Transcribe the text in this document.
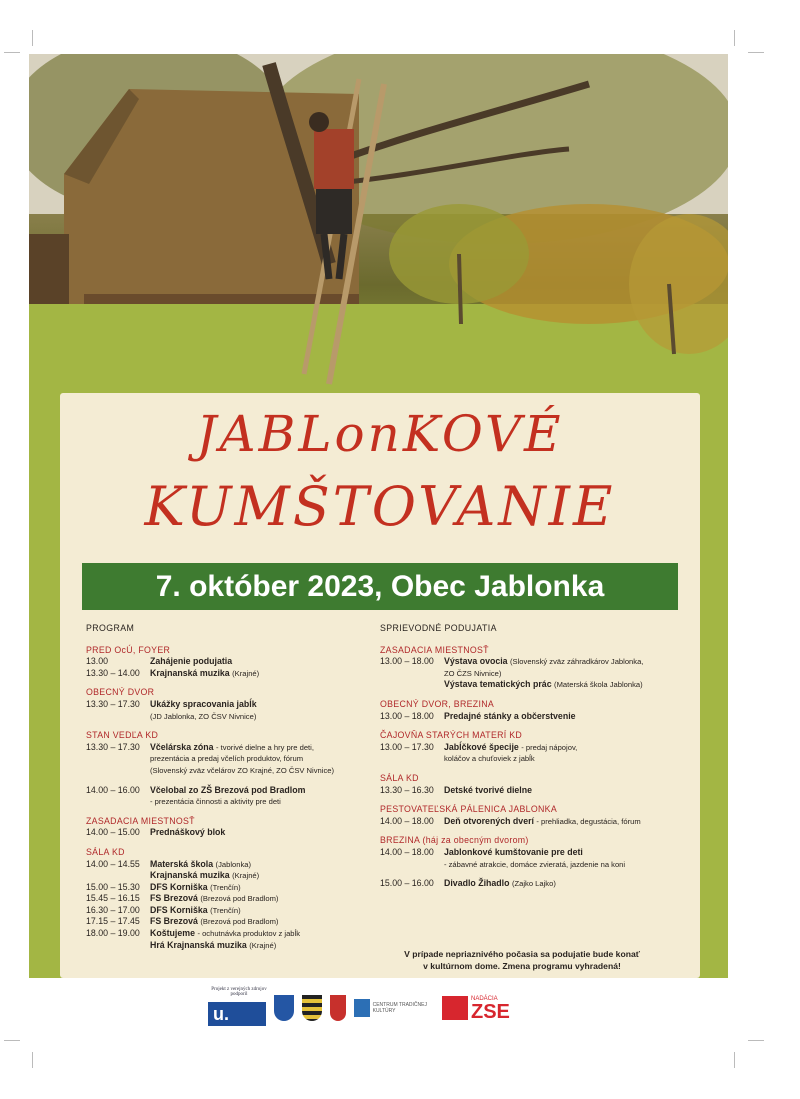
JABLonKOVÉ
KUMŠTOVANIE
7. október 2023, Obec Jablonka
PROGRAM
PRED OcÚ, FOYER
13.00	Zahájenie podujatia
13.30 – 14.00	Krajnanská muzika (Krajné)
OBECNÝ DVOR
13.30 – 17.30	Ukážky spracovania jabĺk
(JD Jablonka, ZO ČSV Nivnice)
STAN VEDĽA KD
13.30 – 17.30	Včelárska zóna - tvorivé dielne a hry pre deti,
prezentácia a predaj včelích produktov, fórum
(Slovenský zväz včelárov ZO Krajné, ZO ČSV Nivnice)
14.00 – 16.00	Včelobal zo ZŠ Brezová pod Bradlom
- prezentácia činnosti a aktivity pre deti
ZASADACIA MIESTNOSŤ
14.00 – 15.00	Prednáškový blok
SÁLA KD
14.00 – 14.55	Materská škola (Jablonka)
Krajnanská muzika (Krajné)
15.00 – 15.30	DFS Korniška (Trenčín)
15.45 – 16.15	FS Brezová (Brezová pod Bradlom)
16.30 – 17.00	DFS Korniška (Trenčín)
17.15 – 17.45	FS Brezová (Brezová pod Bradlom)
18.00 – 19.00	Koštujeme - ochutnávka produktov z jabĺk
Hrá Krajnanská muzika (Krajné)
SPRIEVODNÉ PODUJATIA
ZASADACIA MIESTNOSŤ
13.00 – 18.00	Výstava ovocia (Slovenský zväz záhradkárov Jablonka,
ZO ČZS Nivnice)
Výstava tematických prác (Materská škola Jablonka)
OBECNÝ DVOR, BREZINA
13.00 – 18.00	Predajné stánky a občerstvenie
ČAJOVŇA STARÝCH MATERÍ KD
13.00 – 17.30	Jabĺčkové špecije - predaj nápojov,
koláčov a chuťoviek z jabĺk
SÁLA KD
13.30 – 16.30	Detské tvorivé dielne
PESTOVATEĽSKÁ PÁLENICA JABLONKA
14.00 – 18.00	Deň otvorených dverí - prehliadka, degustácia, fórum
BREZINA (háj za obecným dvorom)
14.00 – 18.00	Jablonkové kumštovanie pre deti
- zábavné atrakcie, domáce zvieratá, jazdenie na koni
15.00 – 16.00	Divadlo Žihadlo (Zajko Lajko)
V prípade nepriaznivého počasia sa podujatie bude konať
v kultúrnom dome. Zmena programu vyhradená!
Projekt z verejných zdrojov podporil
u.	CENTRUM TRADIČNEJ KULTÚRY
NADÁCIA
ZSE
